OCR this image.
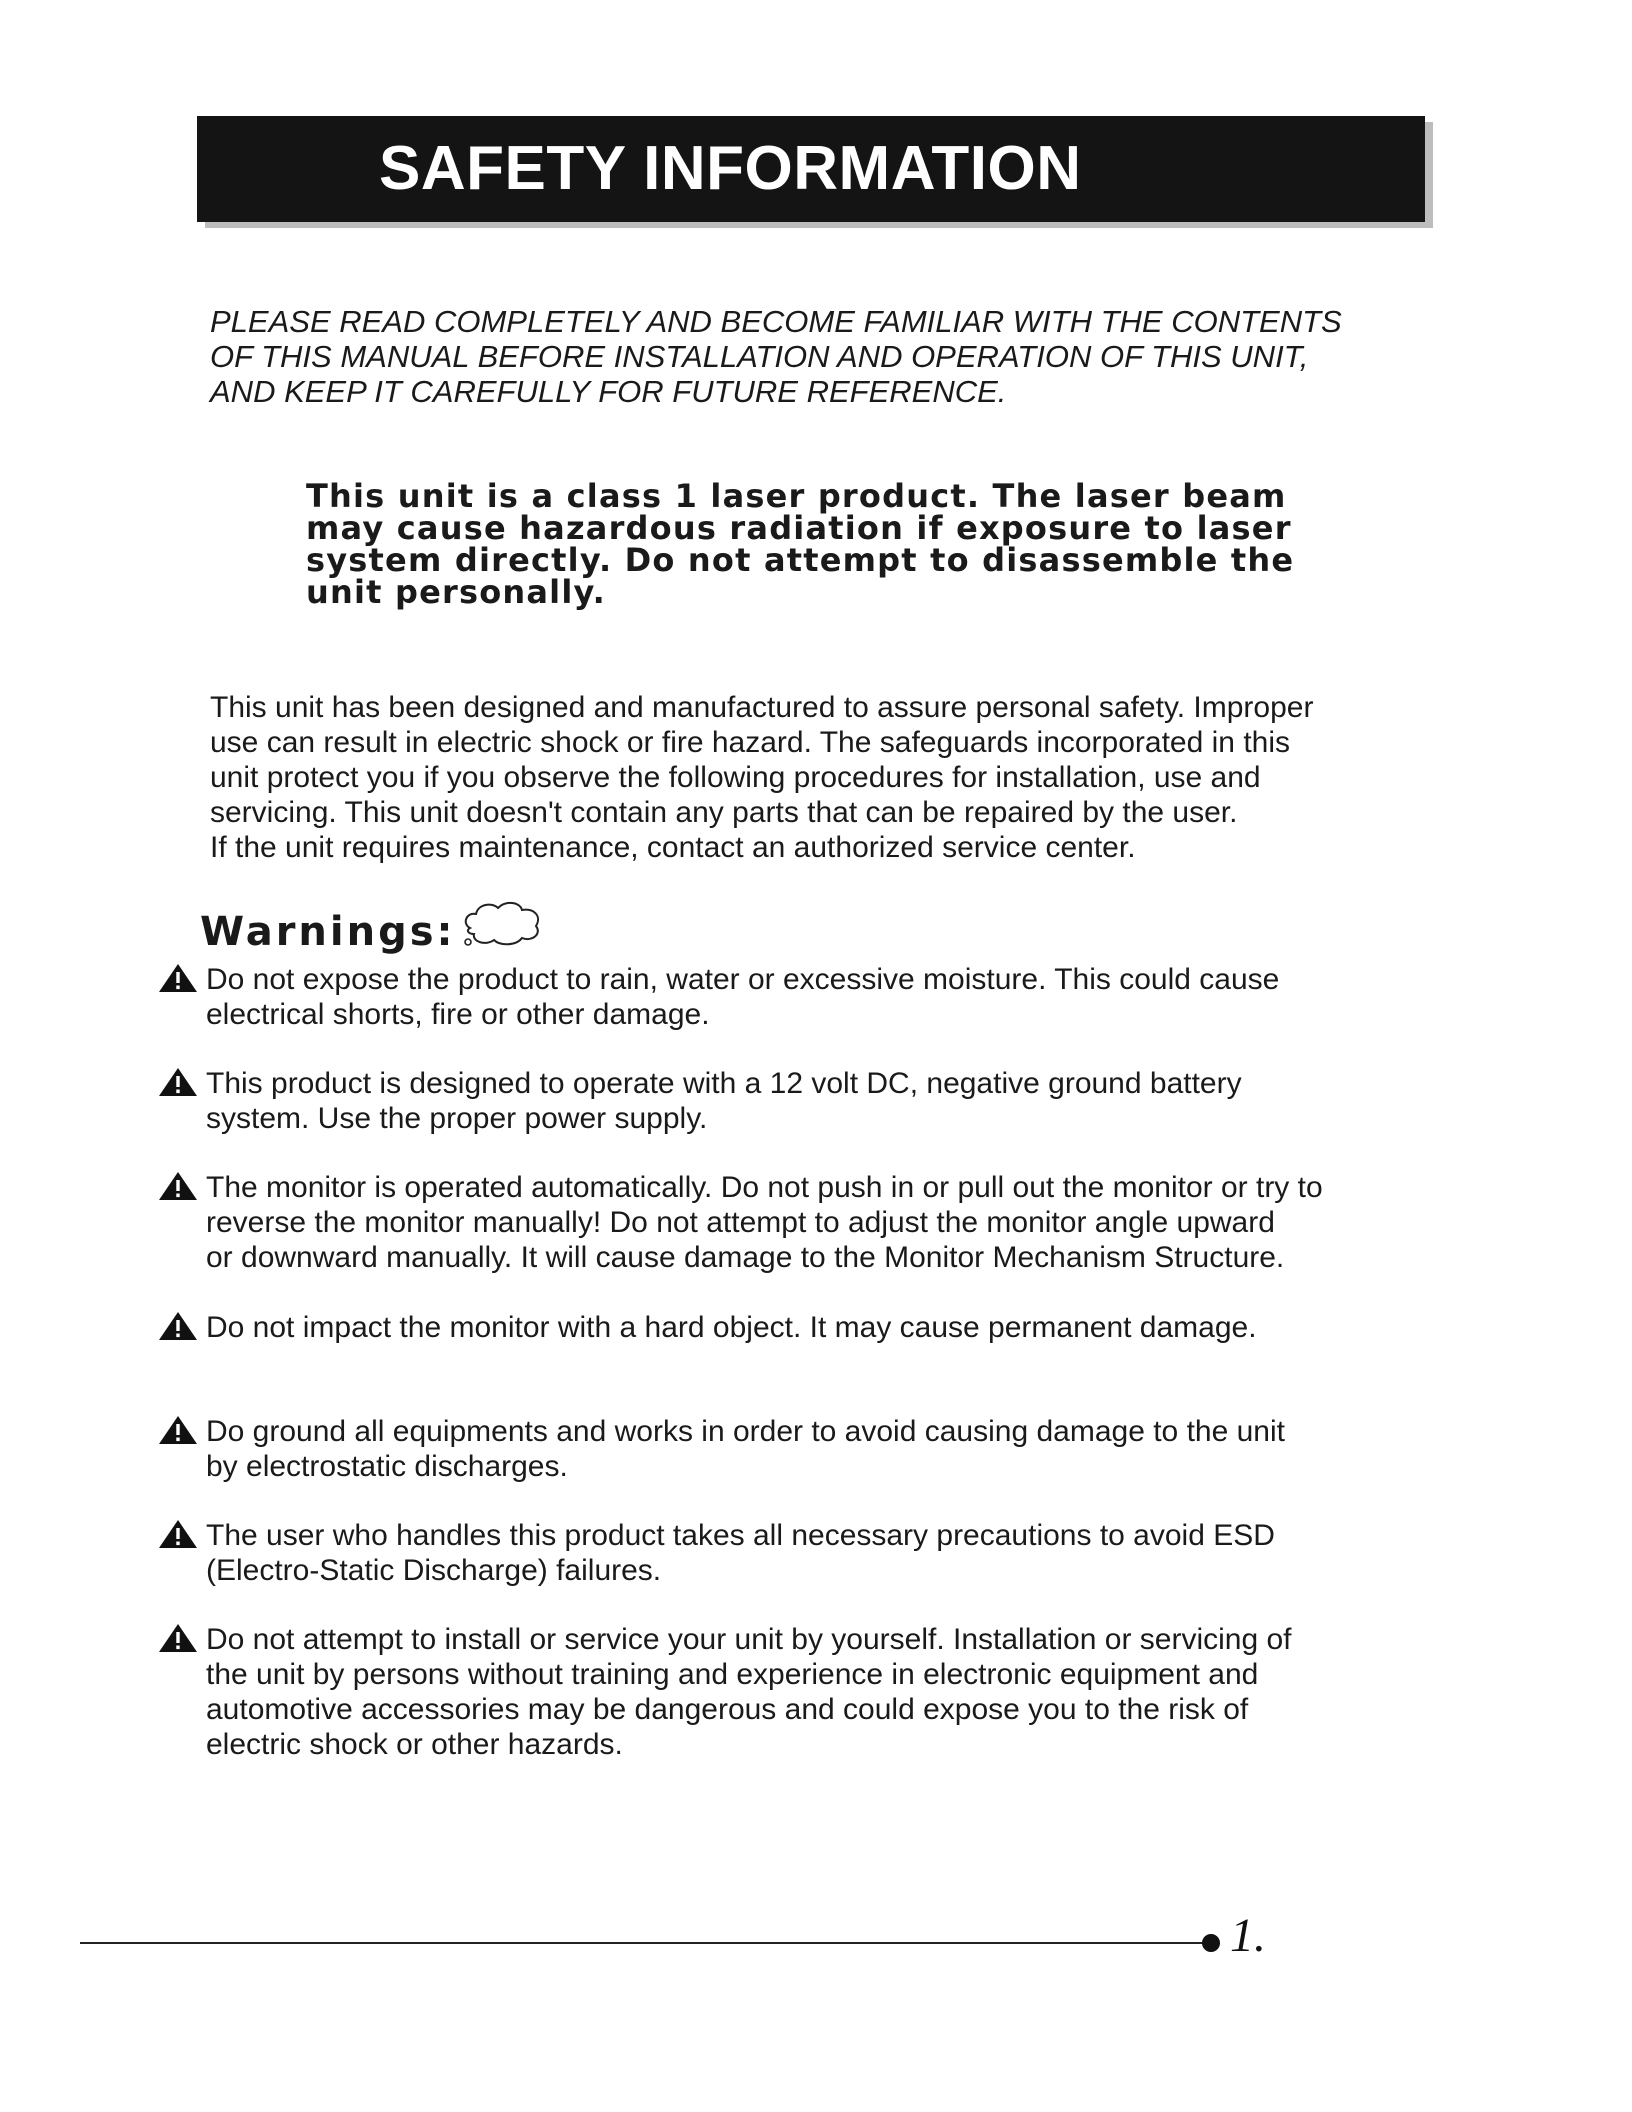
SAFETY INFORMATION
PLEASE READ COMPLETELY AND BECOME FAMILIAR WITH THE CONTENTS
OF THIS MANUAL BEFORE INSTALLATION AND OPERATION OF THIS UNIT,
AND KEEP IT CAREFULLY FOR FUTURE REFERENCE.
This unit is a class 1 laser product. The laser beam
may cause hazardous radiation if exposure to laser
system directly. Do not attempt to disassemble the
unit personally.
This unit has been designed and manufactured to assure personal safety. Improper
use can result in electric shock or fire hazard. The safeguards incorporated in this
unit protect you if you observe the following procedures for installation, use and
servicing. This unit doesn't contain any parts that can be repaired by the user.
If the unit requires maintenance, contact an authorized service center.
Warnings:
Do not expose the product to rain, water or excessive moisture. This could cause
electrical shorts, fire or other damage.
This product is designed to operate with a 12 volt DC, negative ground battery
system. Use the proper power supply.
The monitor is operated automatically. Do not push in or pull out the monitor or try to
reverse the monitor manually! Do not attempt to adjust the monitor angle upward
or downward manually. It will cause damage to the Monitor Mechanism Structure.
Do not impact the monitor with a hard object. It may cause permanent damage.
Do ground all equipments and works in order to avoid causing damage to the unit
by electrostatic discharges.
The user who handles this product takes all necessary precautions to avoid ESD
(Electro-Static Discharge) failures.
Do not attempt to install or service your unit by yourself. Installation or servicing of
the unit by persons without training and experience in electronic equipment and
automotive accessories may be dangerous and could expose you to the risk of
electric shock or other hazards.
1.
